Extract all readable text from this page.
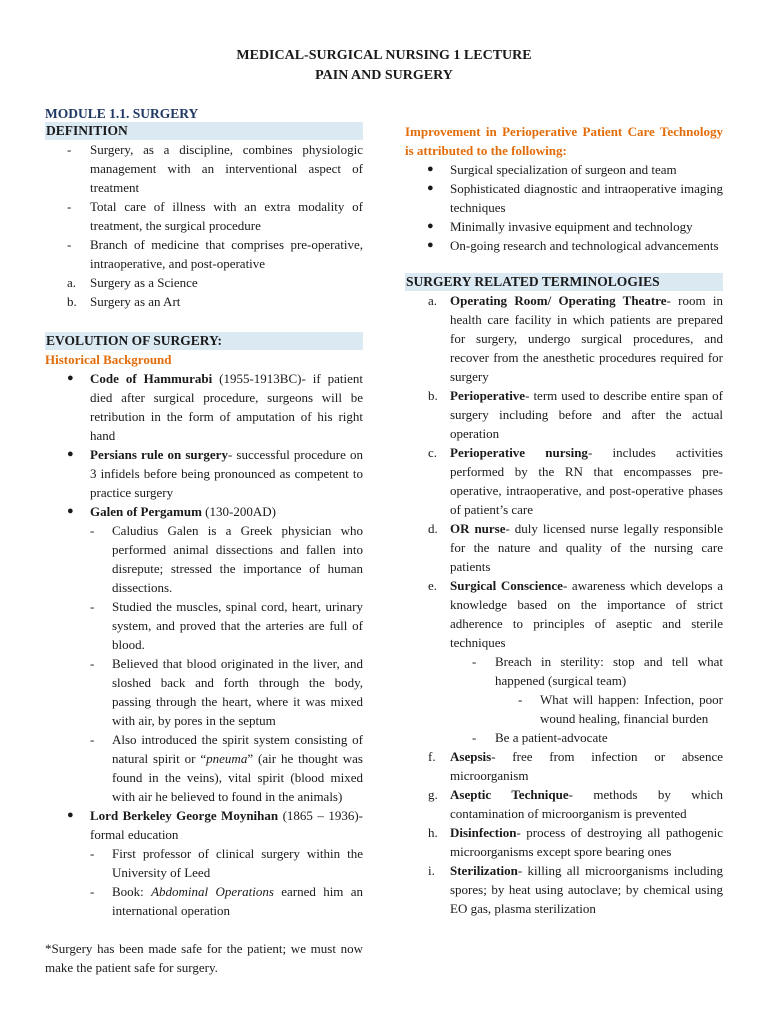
MEDICAL-SURGICAL NURSING 1 LECTURE
PAIN AND SURGERY
MODULE 1.1. SURGERY
DEFINITION
-	Surgery, as a discipline, combines physiologic management with an interventional aspect of treatment
-	Total care of illness with an extra modality of treatment, the surgical procedure
-	Branch of medicine that comprises pre-operative, intraoperative, and post-operative
a.	Surgery as a Science
b.	Surgery as an Art
EVOLUTION OF SURGERY:
Historical Background
●	Code of Hammurabi (1955-1913BC)- if patient died after surgical procedure, surgeons will be retribution in the form of amputation of his right hand
●	Persians rule on surgery- successful procedure on 3 infidels before being pronounced as competent to practice surgery
●	Galen of Pergamum (130-200AD)
-	Caludius Galen is a Greek physician who performed animal dissections and fallen into disrepute; stressed the importance of human dissections.
-	Studied the muscles, spinal cord, heart, urinary system, and proved that the arteries are full of blood.
-	Believed that blood originated in the liver, and sloshed back and forth through the body, passing through the heart, where it was mixed with air, by pores in the septum
-	Also introduced the spirit system consisting of natural spirit or “pneuma” (air he thought was found in the veins), vital spirit (blood mixed with air he believed to found in the animals)
●	Lord Berkeley George Moynihan (1865 – 1936)- formal education
-	First professor of clinical surgery within the University of Leed
-	Book: Abdominal Operations earned him an international operation
*Surgery has been made safe for the patient; we must now make the patient safe for surgery.
Improvement in Perioperative Patient Care Technology is attributed to the following:
●	Surgical specialization of surgeon and team
●	Sophisticated diagnostic and intraoperative imaging techniques
●	Minimally invasive equipment and technology
●	On-going research and technological advancements
SURGERY RELATED TERMINOLOGIES
a. Operating Room/ Operating Theatre- room in health care facility in which patients are prepared for surgery, undergo surgical procedures, and recover from the anesthetic procedures required for surgery
b. Perioperative- term used to describe entire span of surgery including before and after the actual operation
c. Perioperative nursing- includes activities performed by the RN that encompasses pre-operative, intraoperative, and post-operative phases of patient’s care
d. OR nurse- duly licensed nurse legally responsible for the nature and quality of the nursing care patients
e. Surgical Conscience- awareness which develops a knowledge based on the importance of strict adherence to principles of aseptic and sterile techniques
-	Breach in sterility: stop and tell what happened (surgical team)
-	What will happen: Infection, poor wound healing, financial burden
-	Be a patient-advocate
f.	Asepsis- free from infection or absence microorganism
g. Aseptic Technique- methods by which contamination of microorganism is prevented
h. Disinfection- process of destroying all pathogenic microorganisms except spore bearing ones
i.	Sterilization- killing all microorganisms including spores; by heat using autoclave; by chemical using EO gas, plasma sterilization
